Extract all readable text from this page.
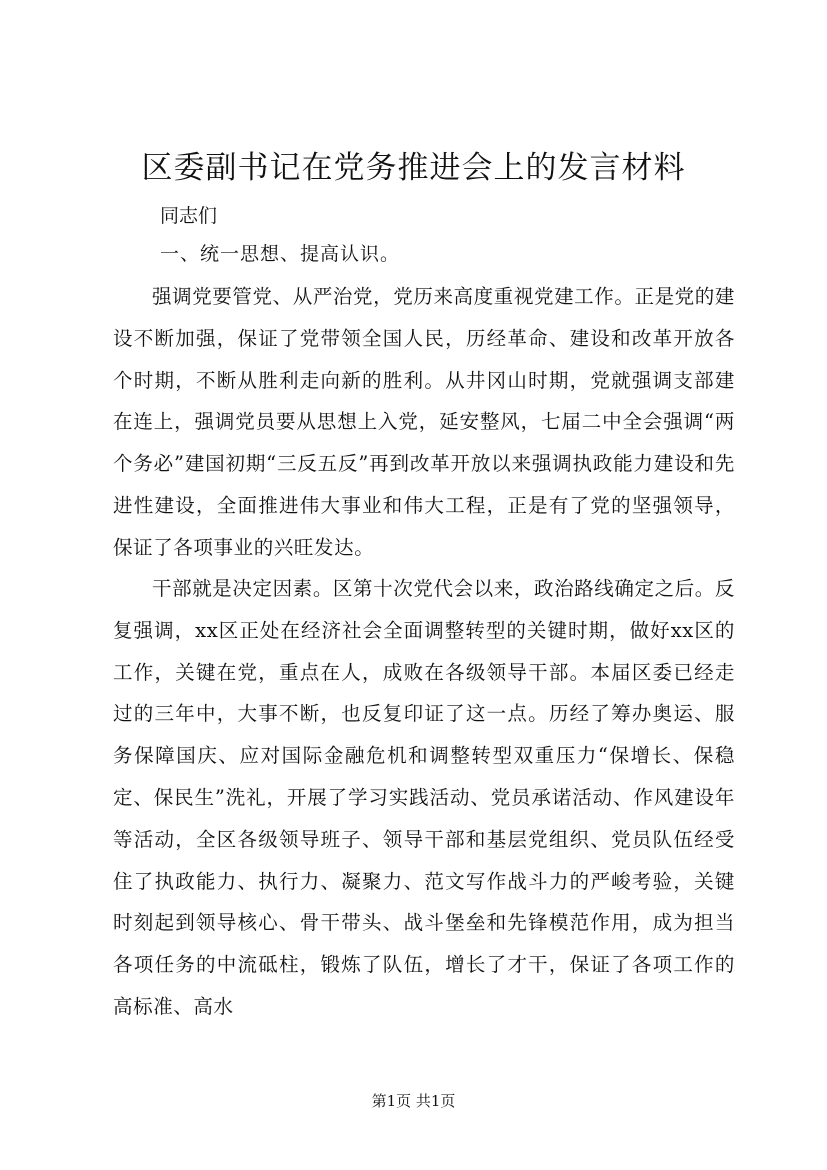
区委副书记在党务推进会上的发言材料
同志们
一、统一思想、提高认识。

强调党要管党、从严治党，党历来高度重视党建工作。正是党的建设不断加强，保证了党带领全国人民，历经革命、建设和改革开放各个时期，不断从胜利走向新的胜利。从井冈山时期，党就强调支部建在连上，强调党员要从思想上入党，延安整风，七届二中全会强调“两个务必”建国初期“三反五反”再到改革开放以来强调执政能力建设和先进性建设，全面推进伟大事业和伟大工程，正是有了党的坚强领导，保证了各项事业的兴旺发达。

干部就是决定因素。区第十次党代会以来，政治路线确定之后。反复强调，xx区正处在经济社会全面调整转型的关键时期，做好xx区的工作，关键在党，重点在人，成败在各级领导干部。本届区委已经走过的三年中，大事不断，也反复印证了这一点。历经了筹办奥运、服务保障国庆、应对国际金融危机和调整转型双重压力“保增长、保稳定、保民生”洗礼，开展了学习实践活动、党员承诺活动、作风建设年等活动，全区各级领导班子、领导干部和基层党组织、党员队伍经受住了执政能力、执行力、凝聚力、范文写作战斗力的严峻考验，关键时刻起到领导核心、骨干带头、战斗堡垒和先锋模范作用，成为担当各项任务的中流砥柱，锻炼了队伍，增长了才干，保证了各项工作的高标准、高水

第1页 共1页
